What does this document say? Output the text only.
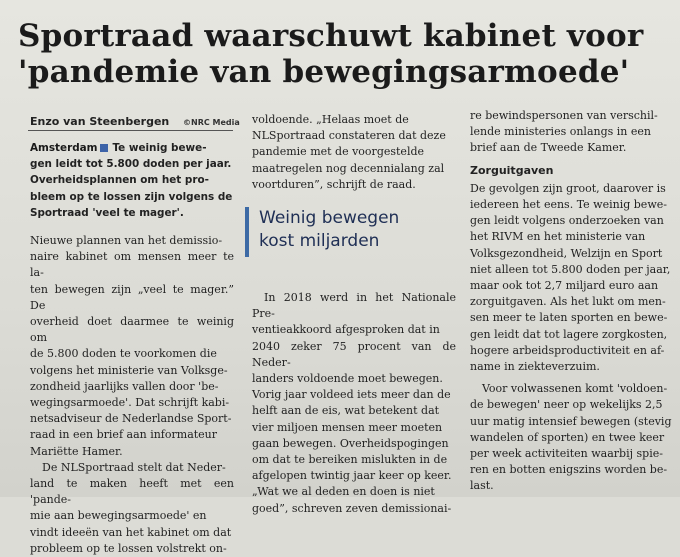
Sportraad waarschuwt kabinet voor
'pandemie van bewegingsarmoede'
Enzo van Steenbergen	©NRC Media
Amsterdam Te weinig bewe-
gen leidt tot 5.800 doden per jaar.
Overheidsplannen om het pro-
bleem op te lossen zijn volgens de
Sportraad 'veel te mager'.
Nieuwe plannen van het demissio-
naire kabinet om mensen meer te la-
ten bewegen zijn „veel te mager.” De
overheid doet daarmee te weinig om
de 5.800 doden te voorkomen die
volgens het ministerie van Volksge-
zondheid jaarlijks vallen door 'be-
wegingsarmoede'. Dat schrijft kabi-
netsadviseur de Nederlandse Sport-
raad in een brief aan informateur
Mariëtte Hamer.
De NLSportraad stelt dat Neder-
land te maken heeft met een 'pande-
mie aan bewegingsarmoede' en
vindt ideeën van het kabinet om dat
probleem op te lossen volstrekt on-
voldoende. „Helaas moet de
NLSportraad constateren dat deze
pandemie met de voorgestelde
maatregelen nog decennialang zal
voortduren”, schrijft de raad.
Weinig bewegen
kost miljarden
In 2018 werd in het Nationale Pre-
ventieakkoord afgesproken dat in
2040 zeker 75 procent van de Neder-
landers voldoende moet bewegen.
Vorig jaar voldeed iets meer dan de
helft aan de eis, wat betekent dat
vier miljoen mensen meer moeten
gaan bewegen. Overheidspogingen
om dat te bereiken mislukten in de
afgelopen twintig jaar keer op keer.
„Wat we al deden en doen is niet
goed”, schreven zeven demissionai-
re bewindspersonen van verschil-
lende ministeries onlangs in een
brief aan de Tweede Kamer.
Zorguitgaven
De gevolgen zijn groot, daarover is
iedereen het eens. Te weinig bewe-
gen leidt volgens onderzoeken van
het RIVM en het ministerie van
Volksgezondheid, Welzijn en Sport
niet alleen tot 5.800 doden per jaar,
maar ook tot 2,7 miljard euro aan
zorguitgaven. Als het lukt om men-
sen meer te laten sporten en bewe-
gen leidt dat tot lagere zorgkosten,
hogere arbeidsproductiviteit en af-
name in ziekteverzuim.
Voor volwassenen komt 'voldoen-
de bewegen' neer op wekelijks 2,5
uur matig intensief bewegen (stevig
wandelen of sporten) en twee keer
per week activiteiten waarbij spie-
ren en botten enigszins worden be-
last.
